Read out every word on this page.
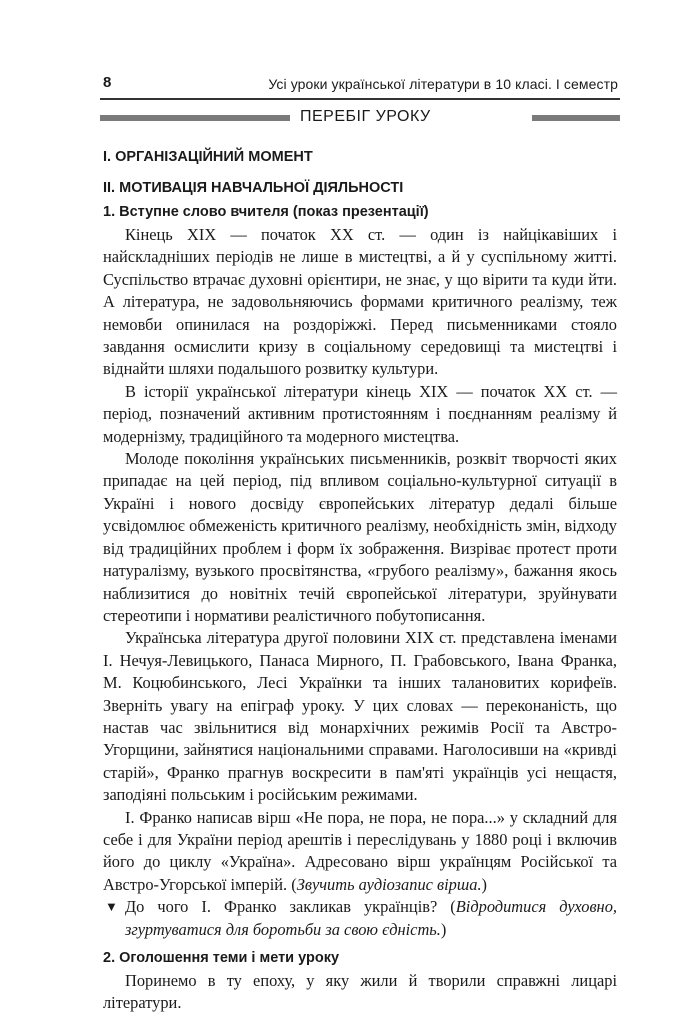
8	Усі уроки української літератури в 10 класі. І семестр
ПЕРЕБІГ УРОКУ
I. ОРГАНІЗАЦІЙНИЙ МОМЕНТ
II. МОТИВАЦІЯ НАВЧАЛЬНОЇ ДІЯЛЬНОСТІ
1. Вступне слово вчителя (показ презентації)

Кінець XIX — початок XX ст. — один із найцікавіших і найскладніших періодів не лише в мистецтві, а й у суспільному житті. Суспільство втрачає духовні орієнтири, не знає, у що вірити та куди йти. А література, не задовольняючись формами критичного реалізму, теж немовби опинилася на роздоріжжі. Перед письменниками стояло завдання осмислити кризу в соціальному середовищі та мистецтві і віднайти шляхи подальшого розвитку культури.

В історії української літератури кінець XIX — початок XX ст. — період, позначений активним протистоянням і поєднанням реалізму й модернізму, традиційного та модерного мистецтва.

Молоде покоління українських письменників, розквіт творчості яких припадає на цей період, під впливом соціально-культурної ситуації в Україні і нового досвіду європейських літератур дедалі більше усвідомлює обмеженість критичного реалізму, необхідність змін, відходу від традиційних проблем і форм їх зображення. Визріває протест проти натуралізму, вузького просвітянства, «грубого реалізму», бажання якось наблизитися до новітніх течій європейської літератури, зруйнувати стереотипи і нормативи реалістичного побутописання.

Українська література другої половини XIX ст. представлена іменами І. Нечуя-Левицького, Панаса Мирного, П. Грабовського, Івана Франка, М. Коцюбинського, Лесі Українки та інших талановитих корифеїв. Зверніть увагу на епіграф уроку. У цих словах — переконаність, що настав час звільнитися від монархічних режимів Росії та Австро-Угорщини, зайнятися національними справами. Наголосивши на «кривді старій», Франко прагнув воскресити в пам'яті українців усі нещастя, заподіяні польським і російським режимами.

І. Франко написав вірш «Не пора, не пора, не пора...» у складний для себе і для України період арештів і переслідувань у 1880 році і включив його до циклу «Україна». Адресовано вірш українцям Російської та Австро-Угорської імперій. (Звучить аудіозапис вірша.)

▼ До чого І. Франко закликав українців? (Відродитися духовно, згуртуватися для боротьби за свою єдність.)

2. Оголошення теми і мети уроку

Поринемо в ту епоху, у яку жили й творили справжні лицарі літератури.
